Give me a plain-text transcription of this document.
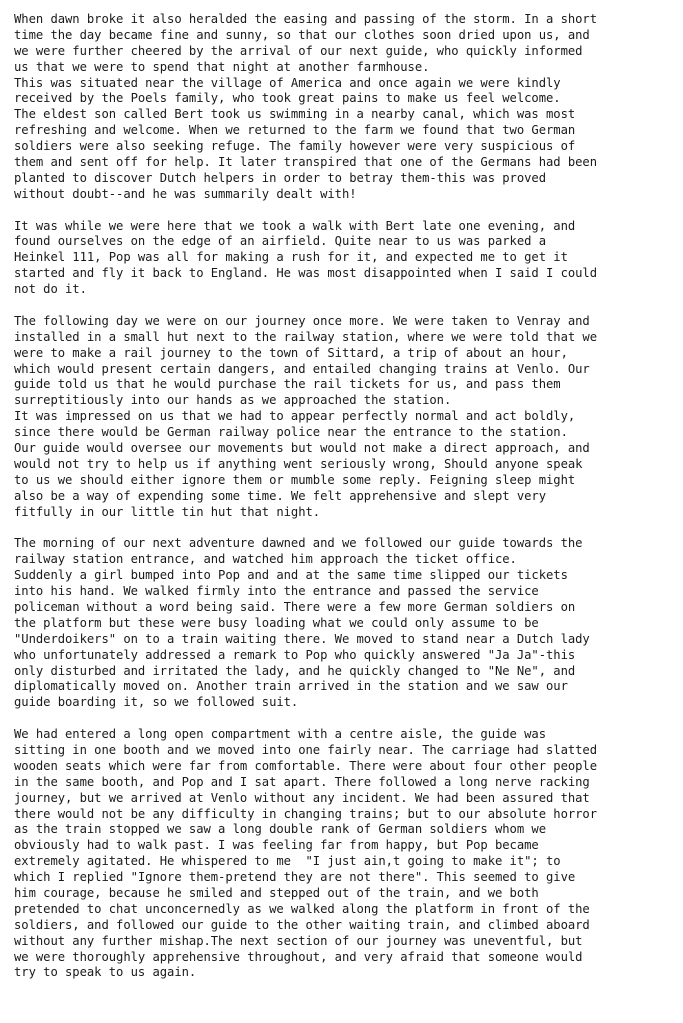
When dawn broke it also heralded the easing and passing of the storm. In a short
time the day became fine and sunny, so that our clothes soon dried upon us, and
we were further cheered by the arrival of our next guide, who quickly informed
us that we were to spend that night at another farmhouse.
This was situated near the village of America and once again we were kindly
received by the Poels family, who took great pains to make us feel welcome.
The eldest son called Bert took us swimming in a nearby canal, which was most
refreshing and welcome. When we returned to the farm we found that two German
soldiers were also seeking refuge. The family however were very suspicious of
them and sent off for help. It later transpired that one of the Germans had been
planted to discover Dutch helpers in order to betray them-this was proved
without doubt--and he was summarily dealt with!
It was while we were here that we took a walk with Bert late one evening, and
found ourselves on the edge of an airfield. Quite near to us was parked a
Heinkel 111, Pop was all for making a rush for it, and expected me to get it
started and fly it back to England. He was most disappointed when I said I could
not do it.
The following day we were on our journey once more. We were taken to Venray and
installed in a small hut next to the railway station, where we were told that we
were to make a rail journey to the town of Sittard, a trip of about an hour,
which would present certain dangers, and entailed changing trains at Venlo. Our
guide told us that he would purchase the rail tickets for us, and pass them
surreptitiously into our hands as we approached the station.
It was impressed on us that we had to appear perfectly normal and act boldly,
since there would be German railway police near the entrance to the station.
Our guide would oversee our movements but would not make a direct approach, and
would not try to help us if anything went seriously wrong, Should anyone speak
to us we should either ignore them or mumble some reply. Feigning sleep might
also be a way of expending some time. We felt apprehensive and slept very
fitfully in our little tin hut that night.
The morning of our next adventure dawned and we followed our guide towards the
railway station entrance, and watched him approach the ticket office.
Suddenly a girl bumped into Pop and and at the same time slipped our tickets
into his hand. We walked firmly into the entrance and passed the service
policeman without a word being said. There were a few more German soldiers on
the platform but these were busy loading what we could only assume to be
"Underdoikers" on to a train waiting there. We moved to stand near a Dutch lady
who unfortunately addressed a remark to Pop who quickly answered "Ja Ja"-this
only disturbed and irritated the lady, and he quickly changed to "Ne Ne", and
diplomatically moved on. Another train arrived in the station and we saw our
guide boarding it, so we followed suit.
We had entered a long open compartment with a centre aisle, the guide was
sitting in one booth and we moved into one fairly near. The carriage had slatted
wooden seats which were far from comfortable. There were about four other people
in the same booth, and Pop and I sat apart. There followed a long nerve racking
journey, but we arrived at Venlo without any incident. We had been assured that
there would not be any difficulty in changing trains; but to our absolute horror
as the train stopped we saw a long double rank of German soldiers whom we
obviously had to walk past. I was feeling far from happy, but Pop became
extremely agitated. He whispered to me  "I just ain,t going to make it"; to
which I replied "Ignore them-pretend they are not there". This seemed to give
him courage, because he smiled and stepped out of the train, and we both
pretended to chat unconcernedly as we walked along the platform in front of the
soldiers, and followed our guide to the other waiting train, and climbed aboard
without any further mishap.The next section of our journey was uneventful, but
we were thoroughly apprehensive throughout, and very afraid that someone would
try to speak to us again.
